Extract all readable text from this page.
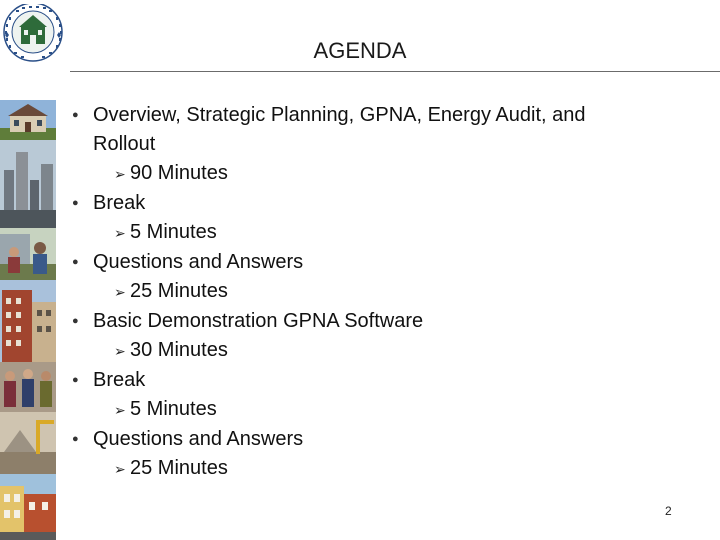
AGENDA
● Overview, Strategic Planning, GPNA, Energy Audit, and Rollout
➢ 90 Minutes
● Break
➢ 5 Minutes
● Questions and Answers
➢ 25 Minutes
● Basic Demonstration GPNA Software
➢ 30 Minutes
● Break
➢ 5 Minutes
● Questions and Answers
➢ 25 Minutes
2
